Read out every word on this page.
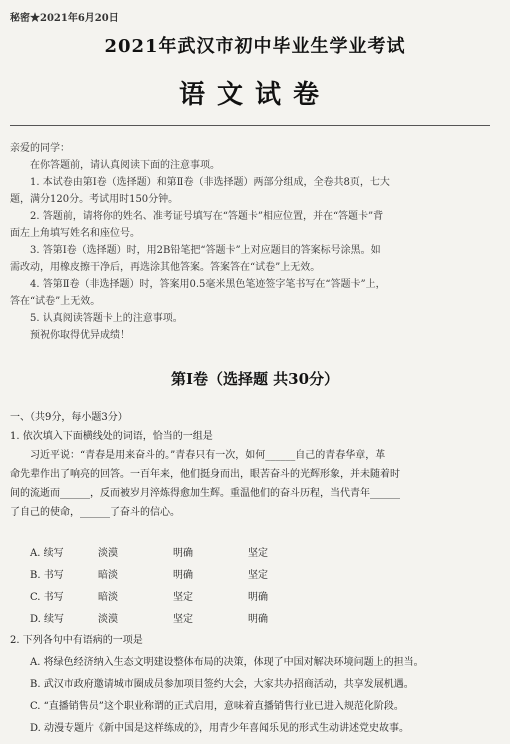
秘密★2021年6月20日
2021年武汉市初中毕业生学业考试
语文试卷

亲爱的同学：

在你答题前，请认真阅读下面的注意事项。

1. 本试卷由第Ⅰ卷（选择题）和第Ⅱ卷（非选择题）两部分组成，全卷共8页，七大

题，满分120分。考试用时150分钟。

2. 答题前，请将你的姓名、准考证号填写在“答题卡”相应位置，并在“答题卡”背

面左上角填写姓名和座位号。

3. 答第Ⅰ卷（选择题）时，用2B铅笔把“答题卡”上对应题目的答案标号涂黑。如

需改动，用橡皮擦干净后，再选涂其他答案。答案答在“试卷”上无效。

4. 答第Ⅱ卷（非选择题）时，答案用0.5毫米黑色笔迹签字笔书写在“答题卡”上，

答在“试卷”上无效。

5. 认真阅读答题卡上的注意事项。

预祝你取得优异成绩！

第Ⅰ卷（选择题 共30分）

一、（共9分，每小题3分）

1. 依次填入下面横线处的词语，恰当的一组是

习近平说：“青春是用来奋斗的。”青春只有一次，如何______自己的青春华章，革

命先辈作出了响亮的回答。一百年来，他们挺身而出，眼苦奋斗的光辉形象，并未随着时

间的流逝而______，反而被岁月淬炼得愈加生辉。重温他们的奋斗历程，当代青年______

了自己的使命，______了奋斗的信心。

A. 续写	淡漠	明确	坚定
B. 书写	暗淡	明确	坚定
C. 书写	暗淡	坚定	明确
D. 续写	淡漠	坚定	明确

2. 下列各句中有语病的一项是

A. 将绿色经济纳入生态文明建设整体布局的决策，体现了中国对解决环境问题上的担当。

B. 武汉市政府邀请城市圈成员参加项目签约大会，大家共办招商活动，共享发展机遇。

C. “直播销售员”这个职业称谓的正式启用，意味着直播销售行业已进入规范化阶段。

D. 动漫专题片《新中国是这样练成的》，用青少年喜闻乐见的形式生动讲述党史故事。
